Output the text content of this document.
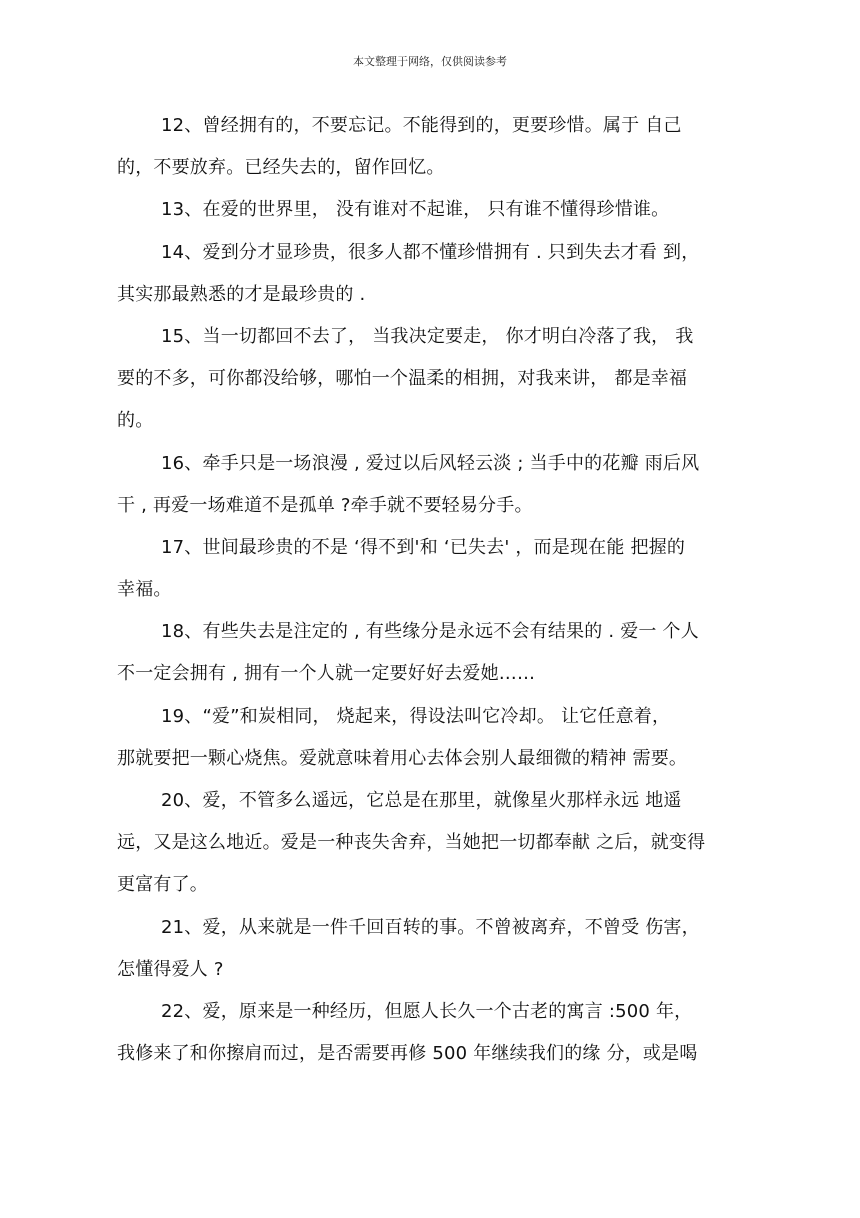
本文整理于网络，仅供阅读参考
12、曾经拥有的，不要忘记。不能得到的，更要珍惜。属于 自己
的，不要放弃。已经失去的，留作回忆。
13、在爱的世界里， 没有谁对不起谁， 只有谁不懂得珍惜谁。
14、爱到分才显珍贵，很多人都不懂珍惜拥有 . 只到失去才看 到，
其实那最熟悉的才是最珍贵的 .
15、当一切都回不去了， 当我决定要走， 你才明白冷落了我， 我
要的不多，可你都没给够，哪怕一个温柔的相拥，对我来讲， 都是幸福
的。
16、牵手只是一场浪漫 , 爱过以后风轻云淡 ; 当手中的花瓣 雨后风
干 , 再爱一场难道不是孤单 ?牵手就不要轻易分手。
17、世间最珍贵的不是 ‘得不到'和 ‘已失去' ，而是现在能 把握的
幸福。
18、有些失去是注定的 , 有些缘分是永远不会有结果的 . 爱一 个人
不一定会拥有 , 拥有一个人就一定要好好去爱她……
19、“爱”和炭相同， 烧起来，得设法叫它冷却。 让它任意着，
那就要把一颗心烧焦。爱就意味着用心去体会别人最细微的精神 需要。
20、爱，不管多么遥远，它总是在那里，就像星火那样永远 地遥
远，又是这么地近。爱是一种丧失舍弃，当她把一切都奉献 之后，就变得
更富有了。
21、爱，从来就是一件千回百转的事。不曾被离弃，不曾受 伤害，
怎懂得爱人 ?
22、爱，原来是一种经历，但愿人长久一个古老的寓言 :500 年，
我修来了和你擦肩而过，是否需要再修 500 年继续我们的缘 分，或是喝
